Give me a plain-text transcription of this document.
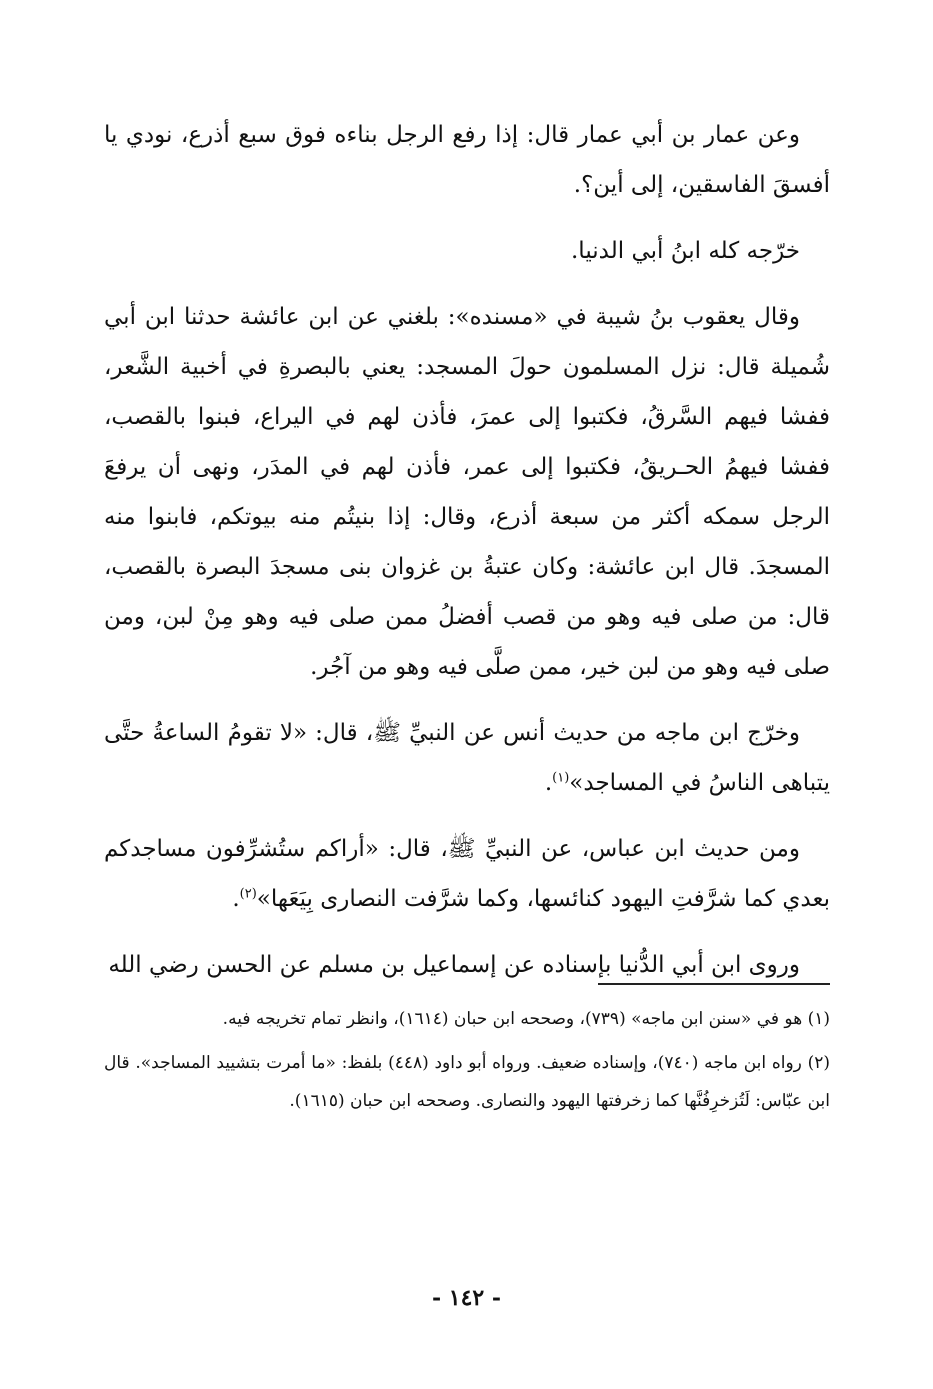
وعن عمار بن أبي عمار قال: إذا رفع الرجل بناءه فوق سبع أذرع، نودي يا أفسقَ الفاسقين، إلى أين؟.

خرّجه كله ابنُ أبي الدنيا.

وقال يعقوب بنُ شيبة في «مسنده»: بلغني عن ابن عائشة حدثنا ابن أبي شُميلة قال: نزل المسلمون حولَ المسجد: يعني بالبصرةِ في أخبية الشَّعر، ففشا فيهم السَّرقُ، فكتبوا إلى عمرَ، فأذن لهم في اليراع، فبنوا بالقصب، ففشا فيهمُ الحـريقُ، فكتبوا إلى عمر، فأذن لهم في المدَر، ونهى أن يرفعَ الرجل سمكه أكثر من سبعة أذرع، وقال: إذا بنيتُم منه بيوتكم، فابنوا منه المسجدَ. قال ابن عائشة: وكان عتبةُ بن غزوان بنى مسجدَ البصرة بالقصب، قال: من صلى فيه وهو من قصب أفضلُ ممن صلى فيه وهو مِنْ لبن، ومن صلى فيه وهو من لبن خير، ممن صلَّى فيه وهو من آجُر.

وخرّج ابن ماجه من حديث أنس عن النبيِّ ﷺ، قال: «لا تقومُ الساعةُ حتَّى يتباهى الناسُ في المساجد»$^{(١)}$.

ومن حديث ابن عباس، عن النبيِّ ﷺ، قال: «أراكم ستُشرِّفون مساجدكم بعدي كما شرَّفتِ اليهود كنائسها، وكما شرَّفت النصارى بِيَعَها»$^{(٢)}$.

وروى ابن أبي الدُّنيا بإسناده عن إسماعيل بن مسلم عن الحسن رضي الله

(١) هو في «سنن ابن ماجه» (٧٣٩)، وصححه ابن حبان (١٦١٤)، وانظر تمام تخريجه فيه.

(٢) رواه ابن ماجه (٧٤٠)، وإسناده ضعيف. ورواه أبو داود (٤٤٨) بلفظ: «ما أمرت بتشييد المساجد». قال ابن عبّاس: لَتُزخرِفُنَّها كما زخرفتها اليهود والنصارى. وصححه ابن حبان (١٦١٥).

- ١٤٢ -
